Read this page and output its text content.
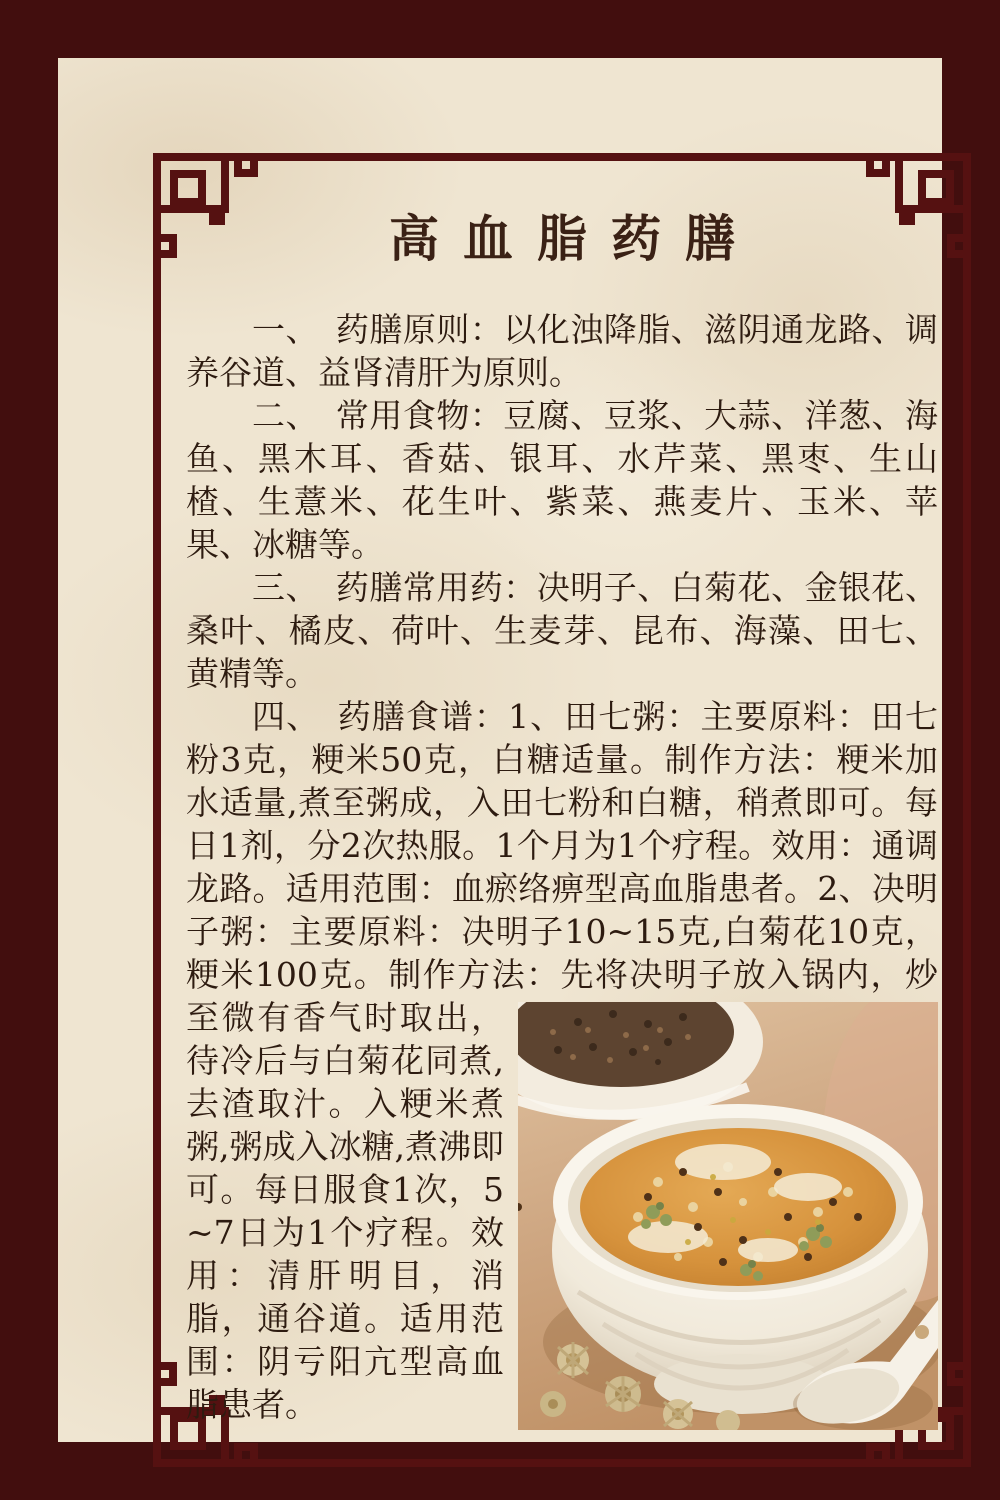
高血脂药膳

一、　药膳原则：以化浊降脂、滋阴通龙路、调养谷道、益肾清肝为原则。

二、　常用食物：豆腐、豆浆、大蒜、洋葱、海鱼、黑木耳、香菇、银耳、水芹菜、黑枣、生山楂、生薏米、花生叶、紫菜、燕麦片、玉米、苹果、冰糖等。

三、　药膳常用药：决明子、白菊花、金银花、桑叶、橘皮、荷叶、生麦芽、昆布、海藻、田七、黄精等。

四、　药膳食谱：1、田七粥：主要原料：田七粉3克，粳米50克，白糖适量。制作方法：粳米加水适量,煮至粥成，入田七粉和白糖，稍煮即可。每日1剂，分2次热服。1个月为1个疗程。效用：通调龙路。适用范围：血瘀络痹型高血脂患者。2、决明子粥：主要原料：决明子10~15克,白菊花10克，粳米100克。制作方法：先将决明子放入锅内，炒至微有香气时取出，
待冷后与白菊花同煮,去渣取汁。入粳米煮粥,粥成入冰糖,煮沸即可。每日服食1次，5~7日为1个疗程。效用：清肝明目，消脂，通谷道。适用范围：阴亏阳亢型高血脂患者。
